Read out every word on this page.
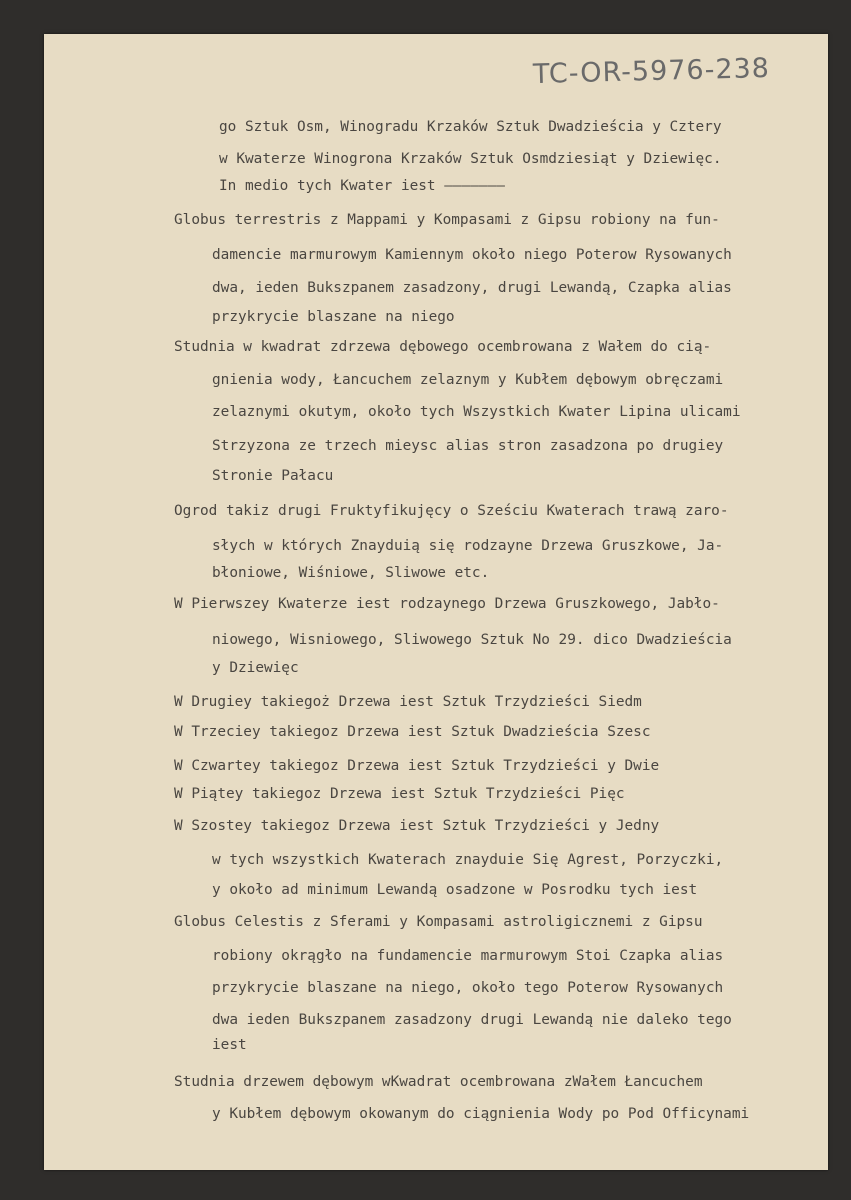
TC-OR-5976-238
go Sztuk Osm, Winogradu Krzaków Sztuk Dwadzieścia y Cztery
w Kwaterze Winogrona Krzaków Sztuk Osmdziesiąt y Dziewięc.
In medio tych Kwater iest ———————
Globus terrestris z Mappami y Kompasami z Gipsu robiony na fun-
damencie marmurowym Kamiennym około niego Poterow Rysowanych
dwa, ieden Bukszpanem zasadzony, drugi Lewandą, Czapka alias
przykrycie blaszane na niego
Studnia w kwadrat zdrzewa dębowego ocembrowana z Wałem do cią-
gnienia wody, Łancuchem zelaznym y Kubłem dębowym obręczami
zelaznymi okutym, około tych Wszystkich Kwater Lipina ulicami
Strzyzona ze trzech mieysc alias stron zasadzona po drugiey
Stronie Pałacu
Ogrod takiz drugi Fruktyfikujęcy o Sześciu Kwaterach trawą zaro-
słych w których Znayduią się rodzayne Drzewa Gruszkowe, Ja-
błoniowe, Wiśniowe, Sliwowe etc.
W Pierwszey Kwaterze iest rodzaynego Drzewa Gruszkowego, Jabło-
niowego, Wisniowego, Sliwowego Sztuk No 29. dico Dwadzieścia
y Dziewięc
W Drugiey takiegoż Drzewa iest Sztuk Trzydzieści Siedm
W Trzeciey takiegoz Drzewa iest Sztuk Dwadzieścia Szesc
W Czwartey takiegoz Drzewa iest Sztuk Trzydzieści y Dwie
W Piątey takiegoz Drzewa iest Sztuk Trzydzieści Pięc
W Szostey takiegoz Drzewa iest Sztuk Trzydzieści y Jedny
w tych wszystkich Kwaterach znayduie Się Agrest, Porzyczki,
y około ad minimum Lewandą osadzone w Posrodku tych iest
Globus Celestis z Sferami y Kompasami astroligicznemi z Gipsu
robiony okrągło na fundamencie marmurowym Stoi Czapka alias
przykrycie blaszane na niego, około tego Poterow Rysowanych
dwa ieden Bukszpanem zasadzony drugi Lewandą nie daleko tego
iest
Studnia drzewem dębowym wKwadrat ocembrowana zWałem Łancuchem
y Kubłem dębowym okowanym do ciągnienia Wody po Pod Officynami
